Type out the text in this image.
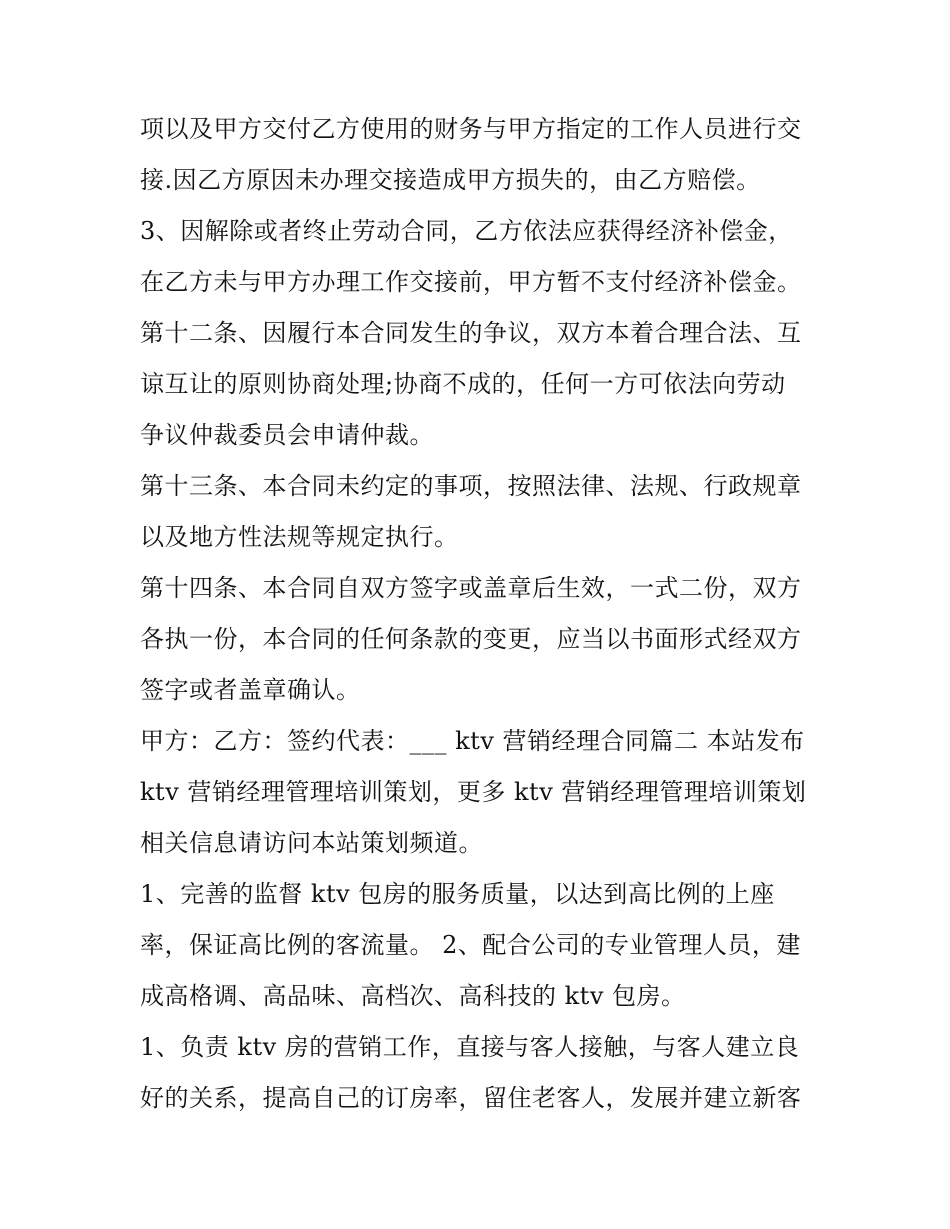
项以及甲方交付乙方使用的财务与甲方指定的工作人员进行交
接.因乙方原因未办理交接造成甲方损失的，由乙方赔偿。
3、因解除或者终止劳动合同，乙方依法应获得经济补偿金，
在乙方未与甲方办理工作交接前，甲方暂不支付经济补偿金。
第十二条、因履行本合同发生的争议，双方本着合理合法、互
谅互让的原则协商处理;协商不成的，任何一方可依法向劳动
争议仲裁委员会申请仲裁。
第十三条、本合同未约定的事项，按照法律、法规、行政规章
以及地方性法规等规定执行。
第十四条、本合同自双方签字或盖章后生效，一式二份，双方
各执一份，本合同的任何条款的变更，应当以书面形式经双方
签字或者盖章确认。
甲方：乙方：签约代表：___ ktv 营销经理合同篇二 本站发布
ktv 营销经理管理培训策划，更多 ktv 营销经理管理培训策划
相关信息请访问本站策划频道。
1、完善的监督 ktv 包房的服务质量，以达到高比例的上座
率，保证高比例的客流量。 2、配合公司的专业管理人员，建
成高格调、高品味、高档次、高科技的 ktv 包房。
1、负责 ktv 房的营销工作，直接与客人接触，与客人建立良
好的关系，提高自己的订房率，留住老客人，发展并建立新客
